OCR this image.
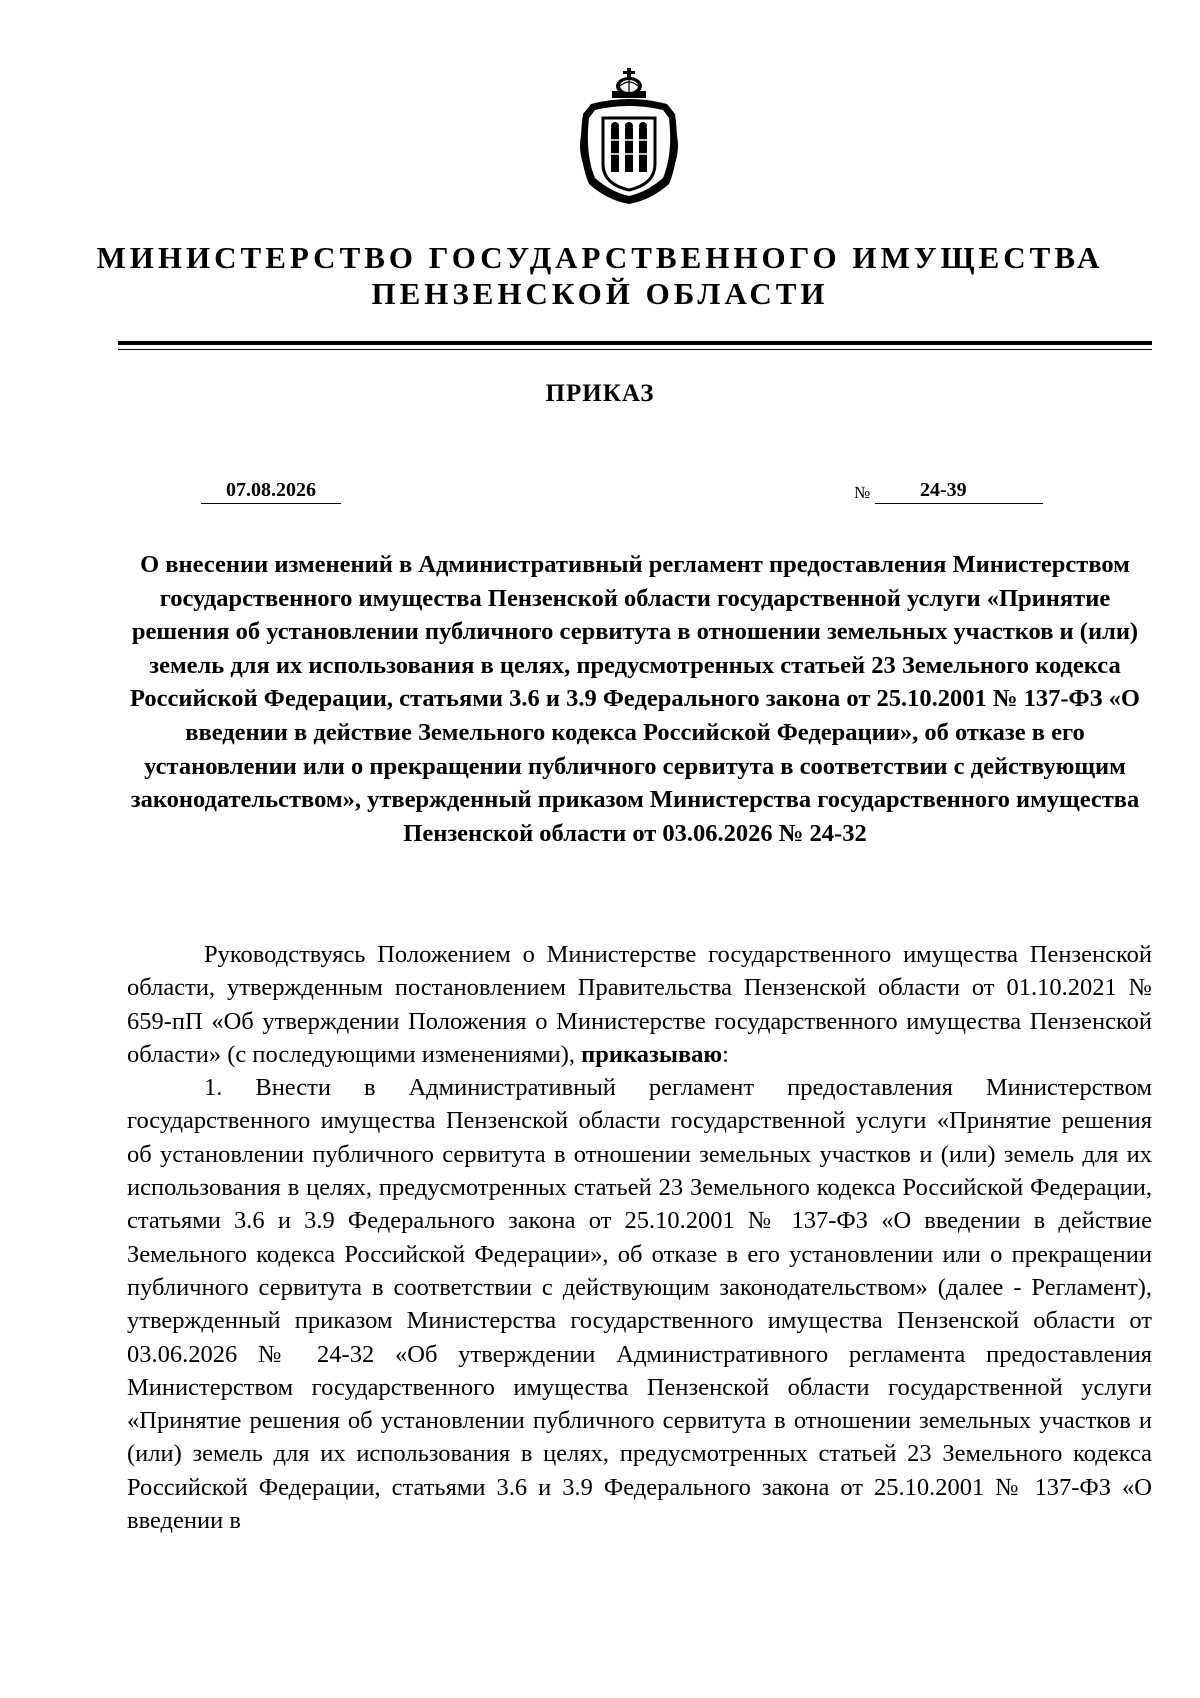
МИНИСТЕРСТВО ГОСУДАРСТВЕННОГО ИМУЩЕСТВА
ПЕНЗЕНСКОЙ ОБЛАСТИ
ПРИКАЗ
07.08.2026	№	24-39

О внесении изменений в Административный регламент предоставления Министерством государственного имущества Пензенской области государственной услуги «Принятие решения об установлении публичного сервитута в отношении земельных участков и (или) земель для их использования в целях, предусмотренных статьей 23 Земельного кодекса Российской Федерации, статьями 3.6 и 3.9 Федерального закона от 25.10.2001 № 137-ФЗ «О введении в действие Земельного кодекса Российской Федерации», об отказе в его установлении или о прекращении публичного сервитута в соответствии с действующим законодательством», утвержденный приказом Министерства государственного имущества Пензенской области от 03.06.2026 № 24-32

Руководствуясь Положением о Министерстве государственного имущества Пензенской области, утвержденным постановлением Правительства Пензенской области от 01.10.2021 № 659-пП «Об утверждении Положения о Министерстве государственного имущества Пензенской области» (с последующими изменениями), приказываю:

1. Внести в Административный регламент предоставления Министерством государственного имущества Пензенской области государственной услуги «Принятие решения об установлении публичного сервитута в отношении земельных участков и (или) земель для их использования в целях, предусмотренных статьей 23 Земельного кодекса Российской Федерации, статьями 3.6 и 3.9 Федерального закона от 25.10.2001 № 137-ФЗ «О введении в действие Земельного кодекса Российской Федерации», об отказе в его установлении или о прекращении публичного сервитута в соответствии с действующим законодательством» (далее - Регламент), утвержденный приказом Министерства государственного имущества Пензенской области от 03.06.2026 № 24-32 «Об утверждении Административного регламента предоставления Министерством государственного имущества Пензенской области государственной услуги «Принятие решения об установлении публичного сервитута в отношении земельных участков и (или) земель для их использования в целях, предусмотренных статьей 23 Земельного кодекса Российской Федерации, статьями 3.6 и 3.9 Федерального закона от 25.10.2001 № 137-ФЗ «О введении в
